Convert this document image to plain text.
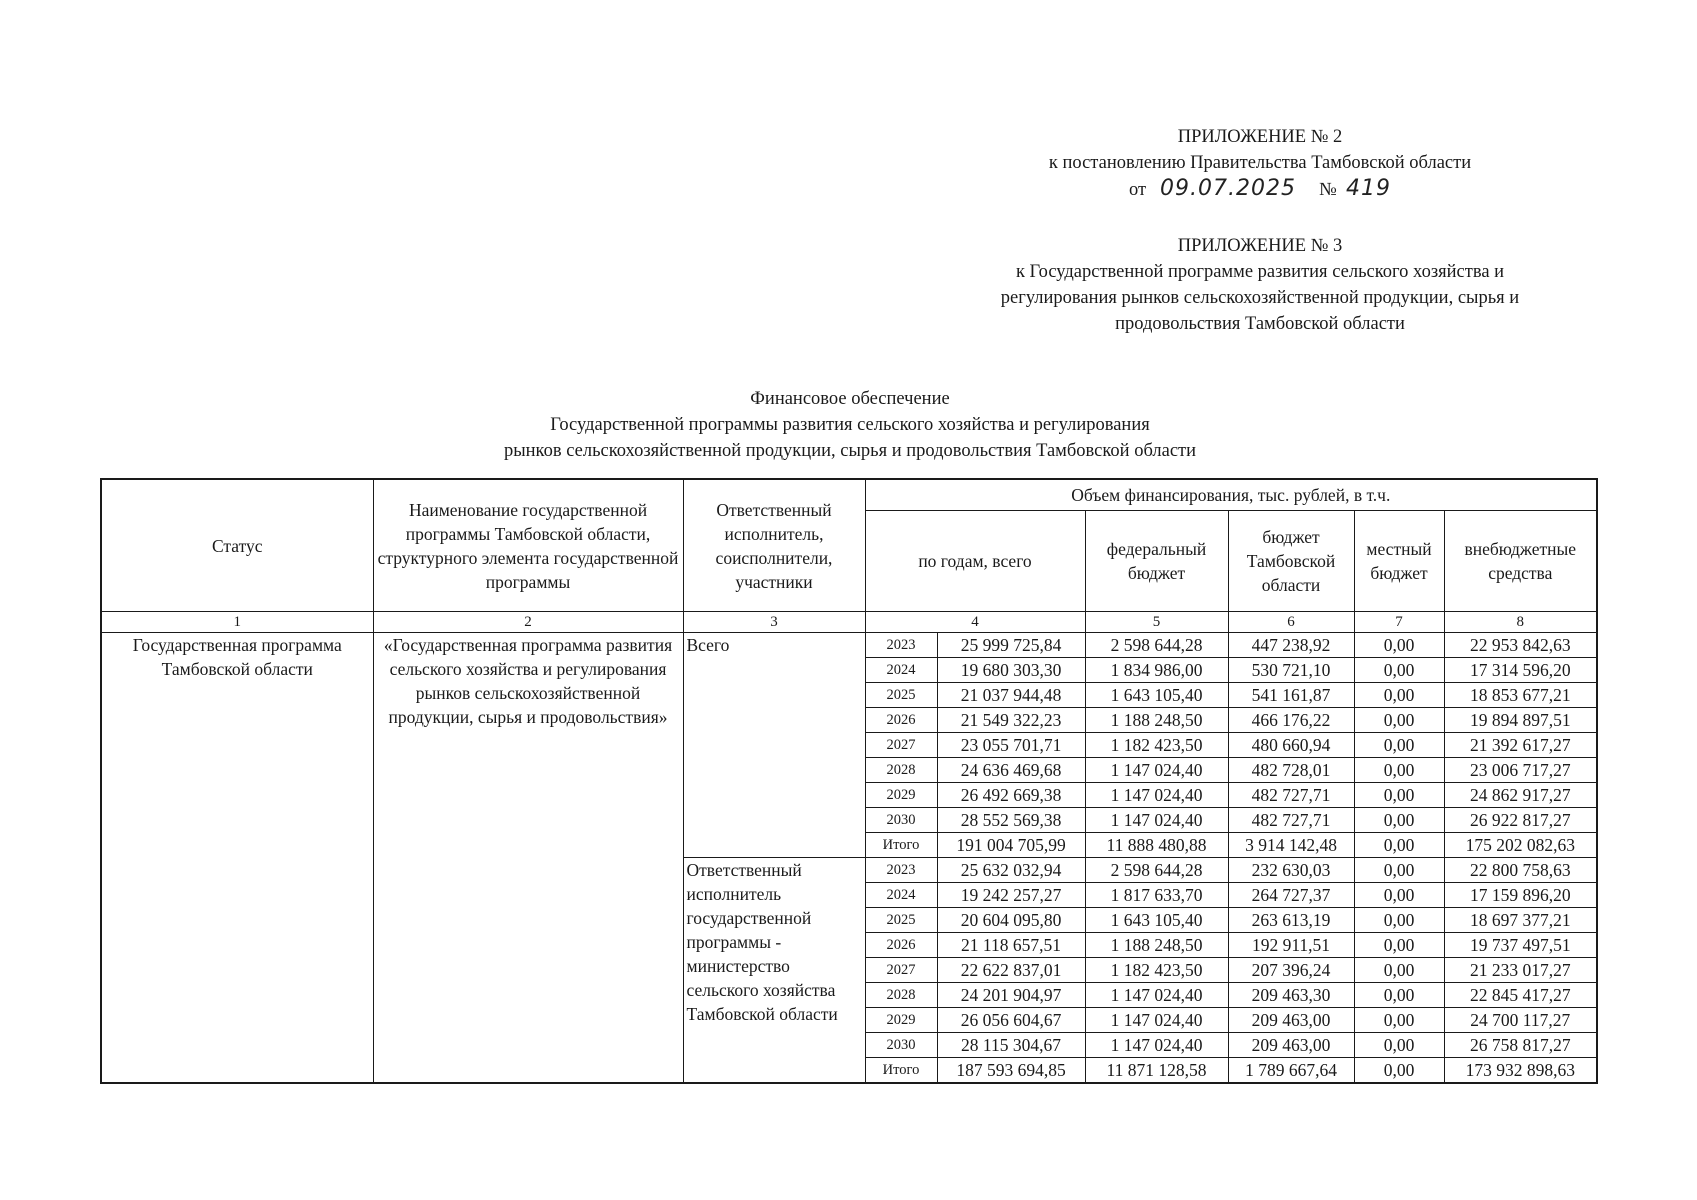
ПРИЛОЖЕНИЕ № 2
к постановлению Правительства Тамбовской области
от 09.07.2025 № 419
ПРИЛОЖЕНИЕ № 3
к Государственной программе развития сельского хозяйства и
регулирования рынков сельскохозяйственной продукции, сырья и
продовольствия Тамбовской области
Финансовое обеспечение
Государственной программы развития сельского хозяйства и регулирования
рынков сельскохозяйственной продукции, сырья и продовольствия Тамбовской области
Статус	Наименование государственной программы Тамбовской области, структурного элемента государственной программы	Ответственный исполнитель, соисполнители, участники	Объем финансирования, тыс. рублей, в т.ч.					
			по годам, всего		федеральный бюджет	бюджет Тамбовской области	местный бюджет	внебюджетные средства
1	2	3	4		5	6	7	8
Государственная программа Тамбовской области	«Государственная программа развития сельского хозяйства и регулирования рынков сельскохозяйственной продукции, сырья и продовольствия»	Всего	2023	25 999 725,84	2 598 644,28	447 238,92	0,00	22 953 842,63
			2024	19 680 303,30	1 834 986,00	530 721,10	0,00	17 314 596,20
			2025	21 037 944,48	1 643 105,40	541 161,87	0,00	18 853 677,21
			2026	21 549 322,23	1 188 248,50	466 176,22	0,00	19 894 897,51
			2027	23 055 701,71	1 182 423,50	480 660,94	0,00	21 392 617,27
			2028	24 636 469,68	1 147 024,40	482 728,01	0,00	23 006 717,27
			2029	26 492 669,38	1 147 024,40	482 727,71	0,00	24 862 917,27
			2030	28 552 569,38	1 147 024,40	482 727,71	0,00	26 922 817,27
			Итого	191 004 705,99	11 888 480,88	3 914 142,48	0,00	175 202 082,63
		Ответственный исполнитель государственной программы - министерство сельского хозяйства Тамбовской области	2023	25 632 032,94	2 598 644,28	232 630,03	0,00	22 800 758,63
			2024	19 242 257,27	1 817 633,70	264 727,37	0,00	17 159 896,20
			2025	20 604 095,80	1 643 105,40	263 613,19	0,00	18 697 377,21
			2026	21 118 657,51	1 188 248,50	192 911,51	0,00	19 737 497,51
			2027	22 622 837,01	1 182 423,50	207 396,24	0,00	21 233 017,27
			2028	24 201 904,97	1 147 024,40	209 463,30	0,00	22 845 417,27
			2029	26 056 604,67	1 147 024,40	209 463,00	0,00	24 700 117,27
			2030	28 115 304,67	1 147 024,40	209 463,00	0,00	26 758 817,27
			Итого	187 593 694,85	11 871 128,58	1 789 667,64	0,00	173 932 898,63
